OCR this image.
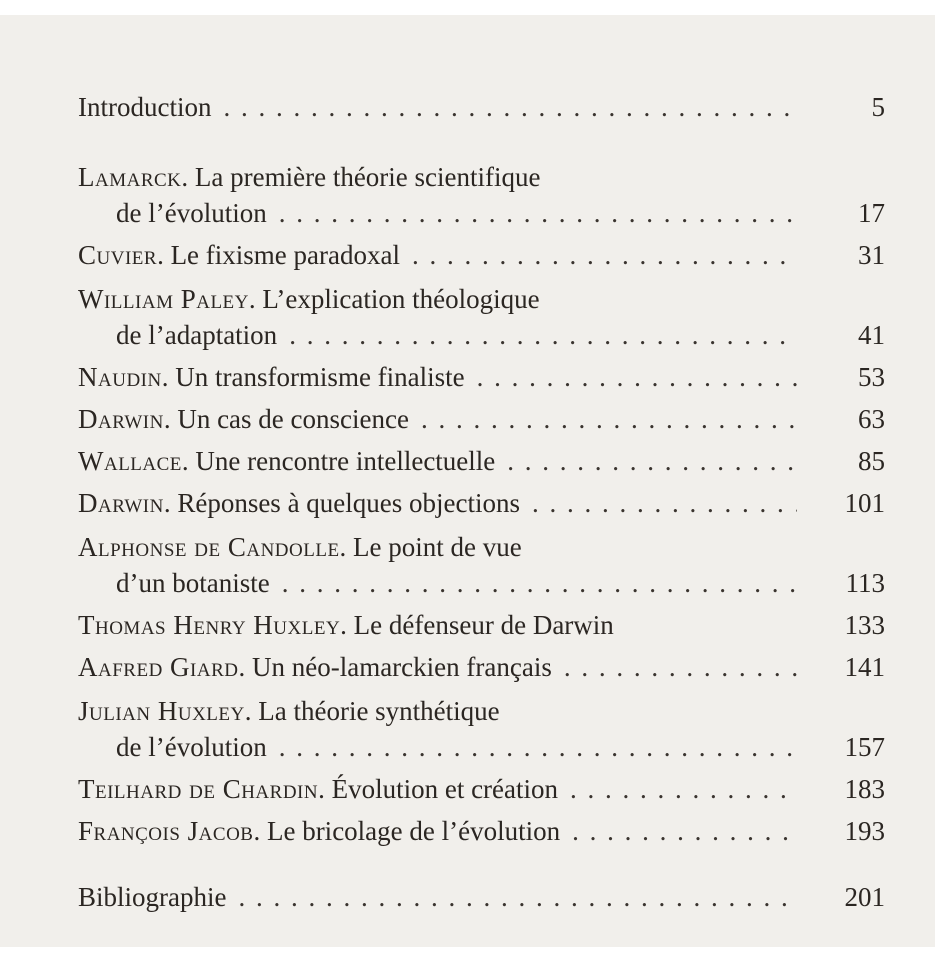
Introduction . . .	5
Lamarck. La première théorie scientifique
de l’évolution . . .	17
Cuvier. Le fixisme paradoxal . . .	31
William Paley. L’explication théologique
de l’adaptation . . .	41
Naudin. Un transformisme finaliste . . .	53
Darwin. Un cas de conscience . . .	63
Wallace. Une rencontre intellectuelle . . .	85
Darwin. Réponses à quelques objections . . .	101
Alphonse de Candolle. Le point de vue
d’un botaniste . . .	113
Thomas Henry Huxley. Le défenseur de Darwin	133
Aafred Giard. Un néo-lamarckien français . . .	141
Julian Huxley. La théorie synthétique
de l’évolution . . .	157
Teilhard de Chardin. Évolution et création . . .	183
François Jacob. Le bricolage de l’évolution . . .	193
Bibliographie . . .	201
